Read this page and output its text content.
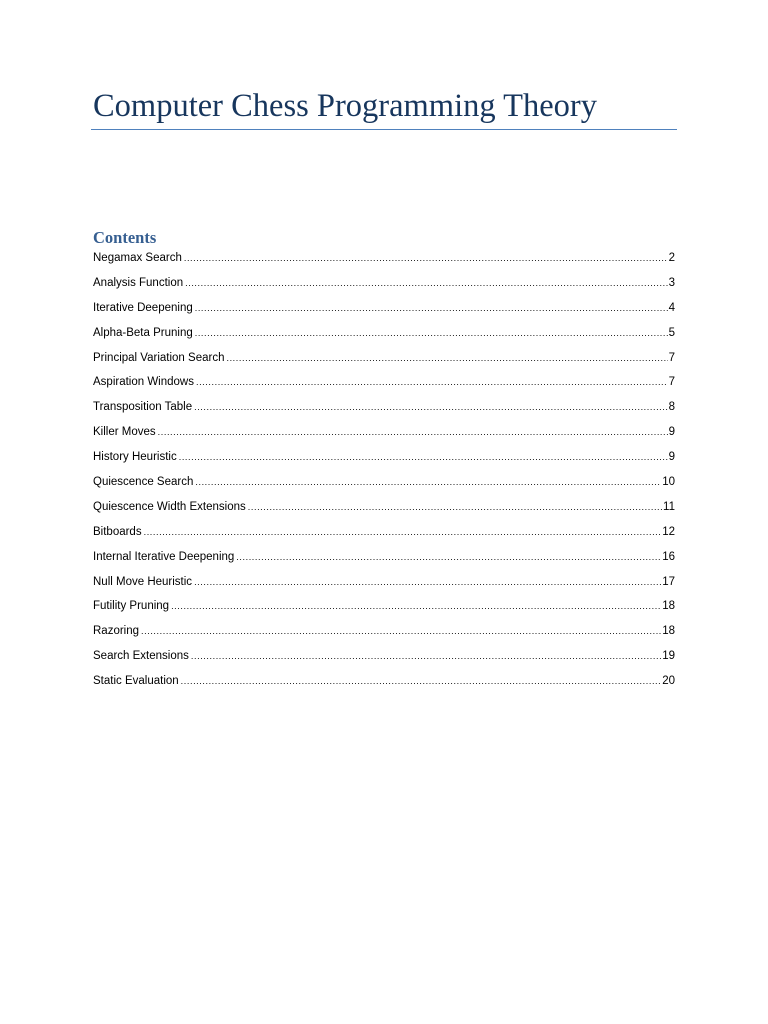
Computer Chess Programming Theory
Contents
Negamax Search .....	2
Analysis Function .....	3
Iterative Deepening .....	4
Alpha-Beta Pruning .....	5
Principal Variation Search .....	7
Aspiration Windows .....	7
Transposition Table .....	8
Killer Moves .....	9
History Heuristic .....	9
Quiescence Search .....	10
Quiescence Width Extensions .....	11
Bitboards .....	12
Internal Iterative Deepening .....	16
Null Move Heuristic .....	17
Futility Pruning .....	18
Razoring .....	18
Search Extensions .....	19
Static Evaluation .....	20
